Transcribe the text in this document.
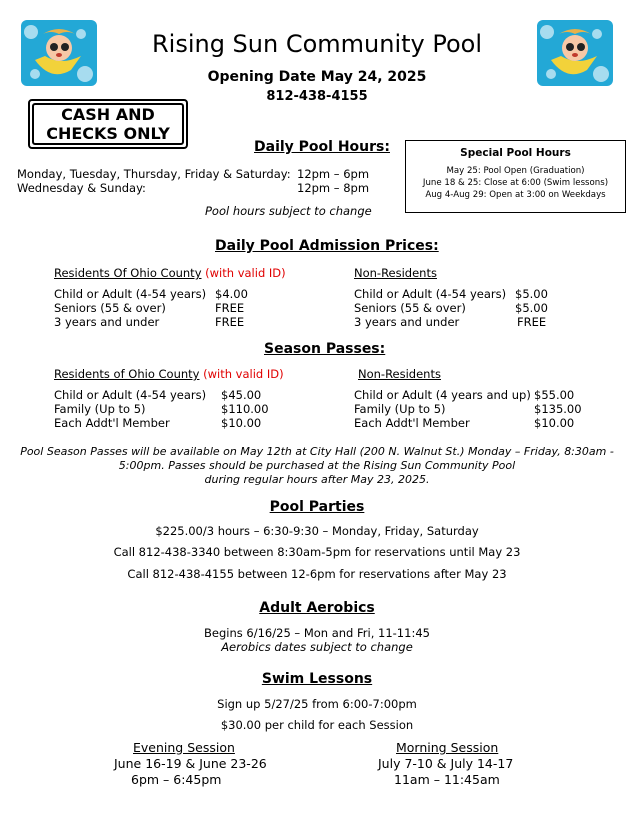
Rising Sun Community Pool
Opening Date May 24, 2025
812-438-4155
CASH AND
CHECKS ONLY
Daily Pool Hours:
Monday, Tuesday, Thursday, Friday & Saturday: 12pm – 6pm
Wednesday & Sunday:	12pm – 8pm
Pool hours subject to change
Special Pool Hours
May 25: Pool Open (Graduation)
June 18 & 25: Close at 6:00 (Swim lessons)
Aug 4-Aug 29: Open at 3:00 on Weekdays
Daily Pool Admission Prices:
Residents Of Ohio County (with valid ID)	Non-Residents
Child or Adult (4-54 years) $4.00
Seniors (55 & over)	FREE
3 years and under	FREE
Child or Adult (4-54 years) $5.00
Seniors (55 & over)	$5.00
3 years and under	FREE
Season Passes:
Residents of Ohio County (with valid ID)	Non-Residents
Child or Adult (4-54 years) $45.00
Family (Up to 5)	$110.00
Each Addt'l Member	$10.00
Child or Adult (4 years and up) $55.00
Family (Up to 5)	$135.00
Each Addt'l Member	$10.00
Pool Season Passes will be available on May 12th at City Hall (200 N. Walnut St.) Monday – Friday, 8:30am -
5:00pm. Passes should be purchased at the Rising Sun Community Pool
during regular hours after May 23, 2025.
Pool Parties
$225.00/3 hours – 6:30-9:30 – Monday, Friday, Saturday
Call 812-438-3340 between 8:30am-5pm for reservations until May 23
Call 812-438-4155 between 12-6pm for reservations after May 23
Adult Aerobics
Begins 6/16/25 – Mon and Fri, 11-11:45
Aerobics dates subject to change
Swim Lessons
Sign up 5/27/25 from 6:00-7:00pm
$30.00 per child for each Session
Evening Session
June 16-19 & June 23-26
6pm – 6:45pm
Morning Session
July 7-10 & July 14-17
11am – 11:45am
